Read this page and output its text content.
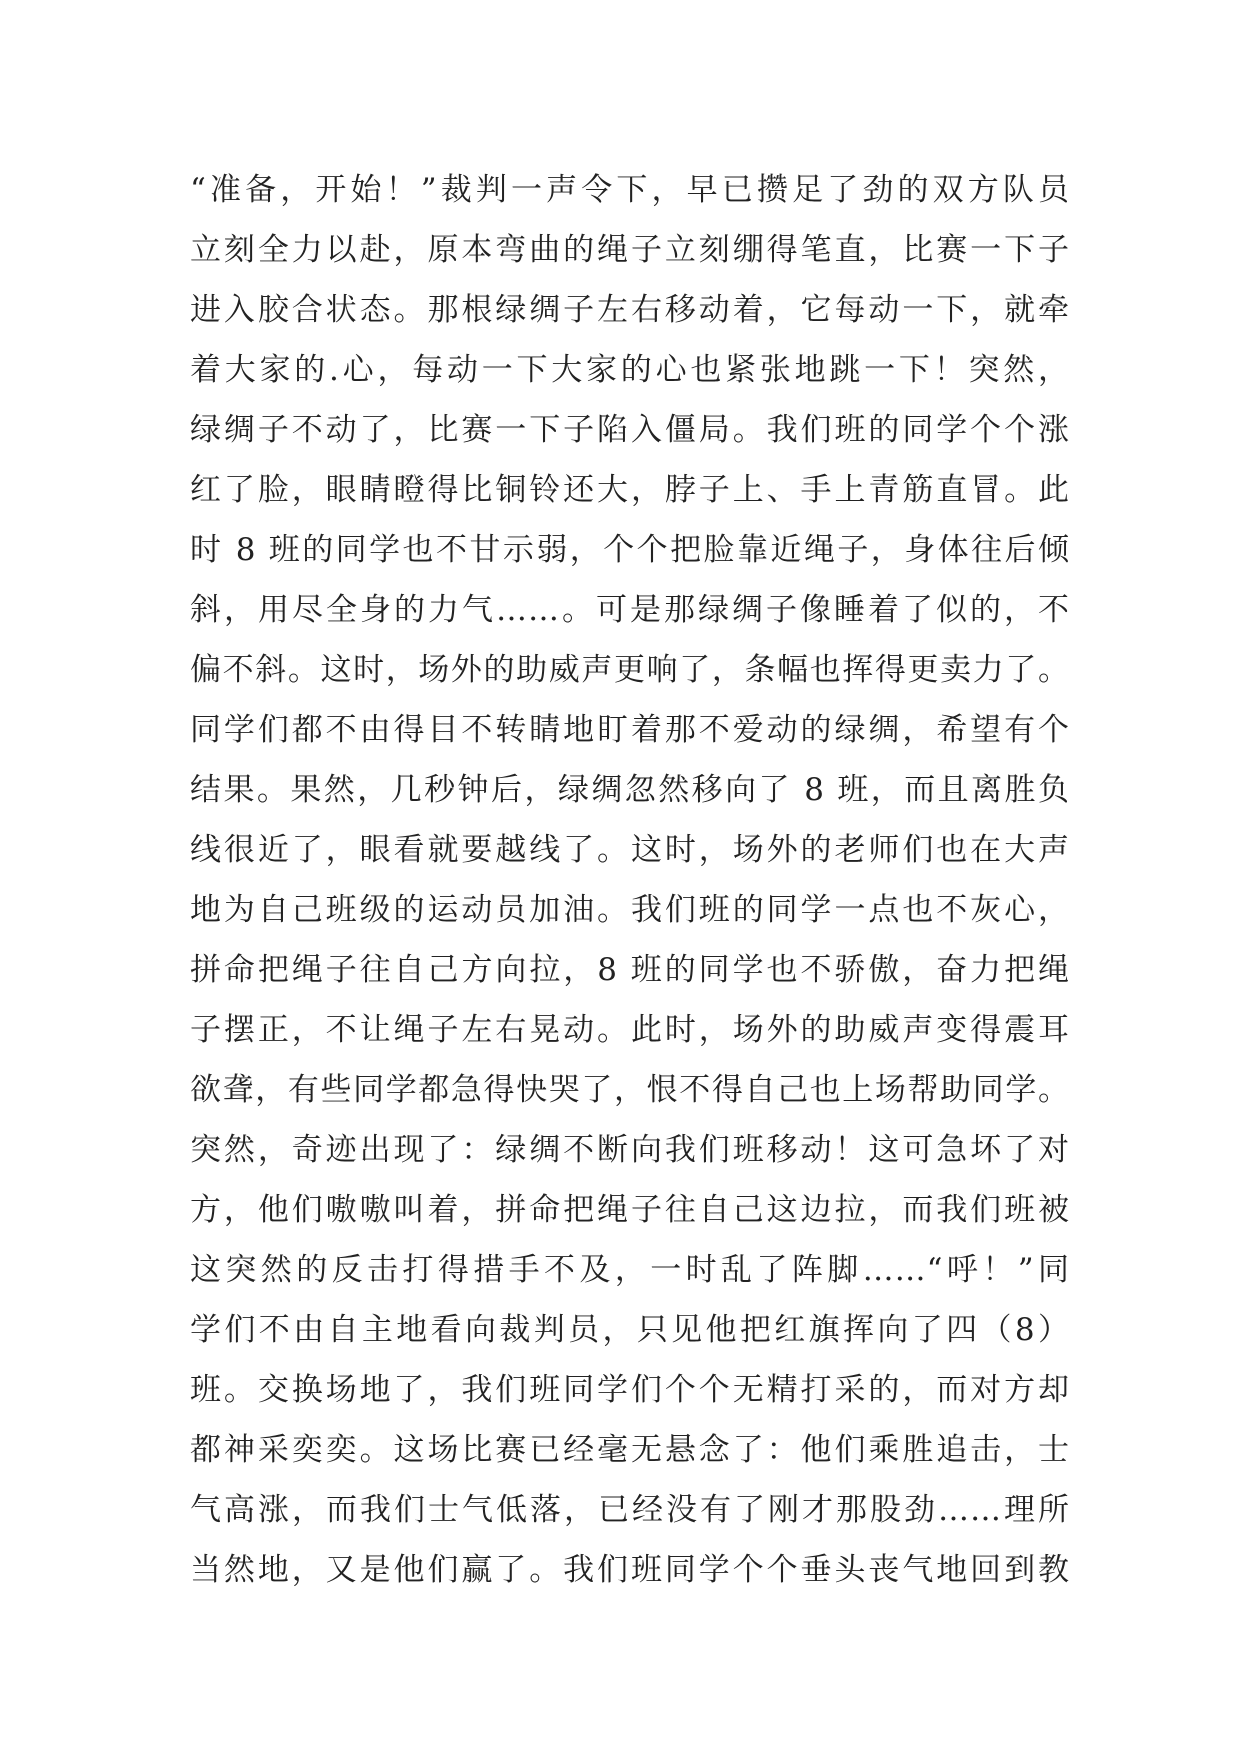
“准备，开始！”裁判一声令下，早已攒足了劲的双方队员
立刻全力以赴，原本弯曲的绳子立刻绷得笔直，比赛一下子
进入胶合状态。那根绿绸子左右移动着，它每动一下，就牵
着大家的.心，每动一下大家的心也紧张地跳一下！突然，
绿绸子不动了，比赛一下子陷入僵局。我们班的同学个个涨
红了脸，眼睛瞪得比铜铃还大，脖子上、手上青筋直冒。此
时 8 班的同学也不甘示弱，个个把脸靠近绳子，身体往后倾
斜，用尽全身的力气……。可是那绿绸子像睡着了似的，不
偏不斜。这时，场外的助威声更响了，条幅也挥得更卖力了。
同学们都不由得目不转睛地盯着那不爱动的绿绸，希望有个
结果。果然，几秒钟后，绿绸忽然移向了 8 班，而且离胜负
线很近了，眼看就要越线了。这时，场外的老师们也在大声
地为自己班级的运动员加油。我们班的同学一点也不灰心，
拼命把绳子往自己方向拉，8 班的同学也不骄傲，奋力把绳
子摆正，不让绳子左右晃动。此时，场外的助威声变得震耳
欲聋，有些同学都急得快哭了，恨不得自己也上场帮助同学。
突然，奇迹出现了：绿绸不断向我们班移动！这可急坏了对
方，他们嗷嗷叫着，拼命把绳子往自己这边拉，而我们班被
这突然的反击打得措手不及，一时乱了阵脚……“呼！”同
学们不由自主地看向裁判员，只见他把红旗挥向了四（8）
班。交换场地了，我们班同学们个个无精打采的，而对方却
都神采奕奕。这场比赛已经毫无悬念了：他们乘胜追击，士
气高涨，而我们士气低落，已经没有了刚才那股劲……理所
当然地，又是他们赢了。我们班同学个个垂头丧气地回到教
